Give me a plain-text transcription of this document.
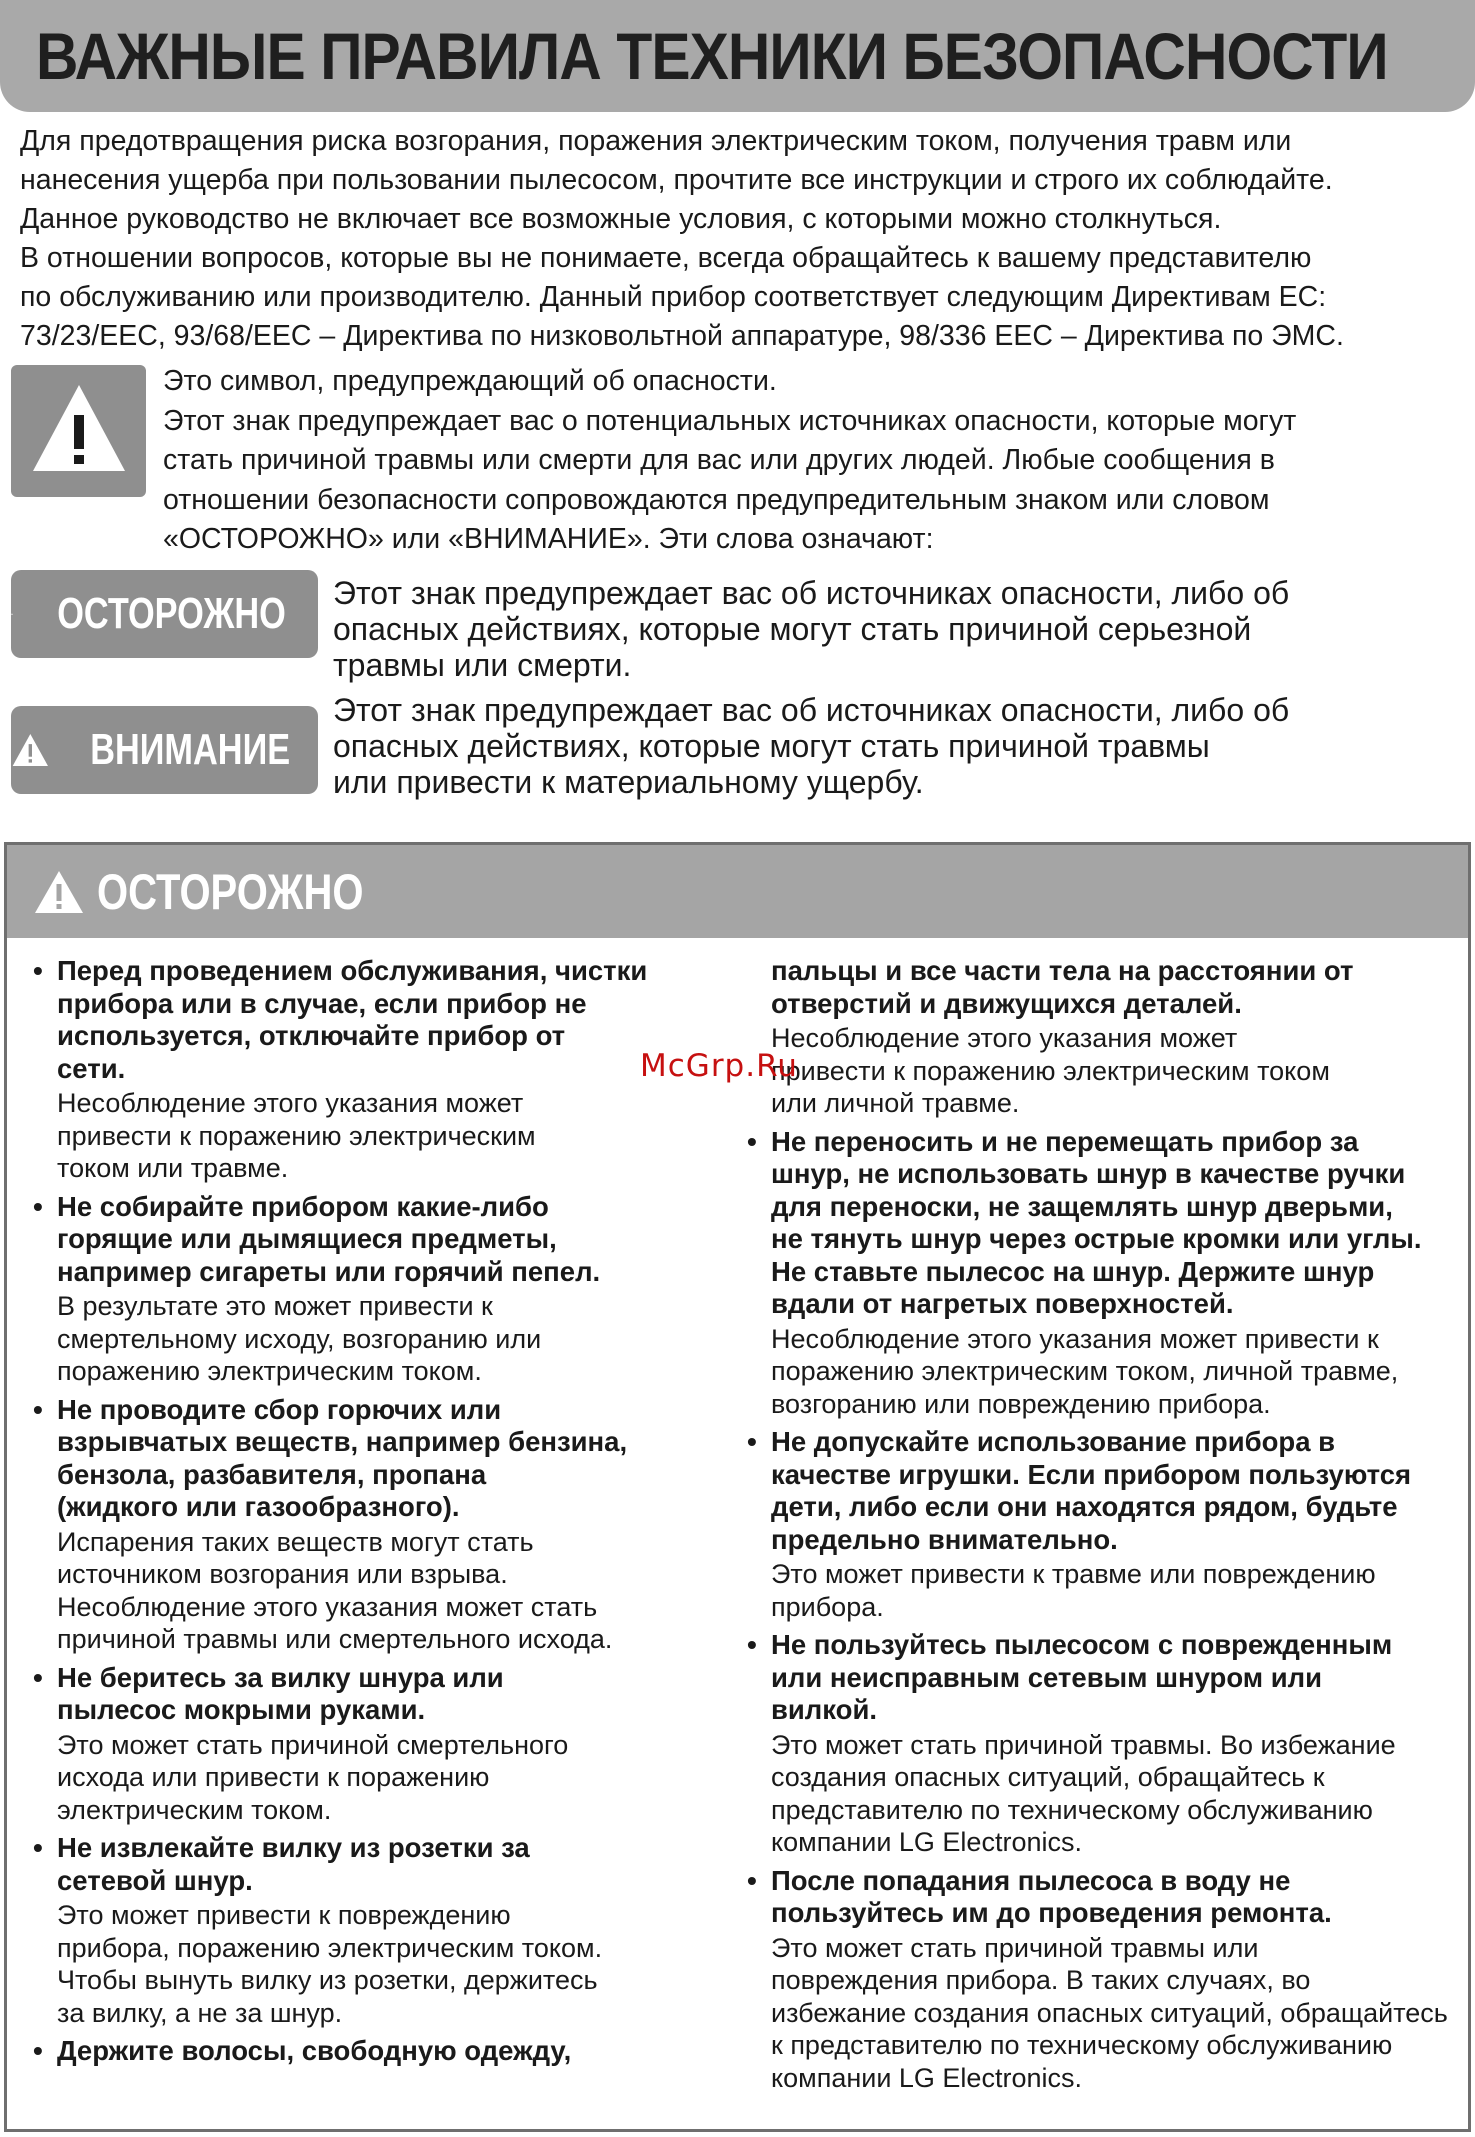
ВАЖНЫЕ ПРАВИЛА ТЕХНИКИ БЕЗОПАСНОСТИ

Для предотвращения риска возгорания, поражения электрическим током, получения травм или

нанесения ущерба при пользовании пылесосом, прочтите все инструкции и строго их соблюдайте.

Данное руководство не включает все возможные условия, с которыми можно столкнуться.

В отношении вопросов, которые вы не понимаете, всегда обращайтесь к вашему представителю

по обслуживанию или производителю. Данный прибор соответствует следующим Директивам ЕС:

73/23/EEC, 93/68/EEC – Директива по низковольтной аппаратуре, 98/336 EEC – Директива по ЭМС.

Это символ, предупреждающий об опасности.

Этот знак предупреждает вас о потенциальных источниках опасности, которые могут

стать причиной травмы или смерти для вас или других людей. Любые сообщения в

отношении безопасности сопровождаются предупредительным знаком или словом

«ОСТОРОЖНО» или «ВНИМАНИЕ». Эти слова означают:

ОСТОРОЖНО Этот знак предупреждает вас об источниках опасности, либо об

опасных действиях, которые могут стать причиной серьезной

травмы или смерти.

ВНИМАНИЕ

Этот знак предупреждает вас об источниках опасности, либо об

опасных действиях, которые могут стать причиной травмы

или привести к материальному ущербу.

ОСТОРОЖНО
• Перед проведением обслуживания, чистки
прибора или в случае, если прибор не
используется, отключайте прибор от
сети.
Несоблюдение этого указания может
привести к поражению электрическим
током или травме.
• Не собирайте прибором какие-либо
горящие или дымящиеся предметы,
например сигареты или горячий пепел.
В результате это может привести к
смертельному исходу, возгоранию или
поражению электрическим током.
• Не проводите сбор горючих или
взрывчатых веществ, например бензина,
бензола, разбавителя, пропана
(жидкого или газообразного).
Испарения таких веществ могут стать
источником возгорания или взрыва.
Несоблюдение этого указания может стать
причиной травмы или смертельного исхода.
• Не беритесь за вилку шнура или
пылесос мокрыми руками.
Это может стать причиной смертельного
исхода или привести к поражению
электрическим током.
• Не извлекайте вилку из розетки за
сетевой шнур.
Это может привести к повреждению
прибора, поражению электрическим током.
Чтобы вынуть вилку из розетки, держитесь
за вилку, а не за шнур.
• Держите волосы, свободную одежду,
пальцы и все части тела на расстоянии от
отверстий и движущихся деталей.
Несоблюдение этого указания может
привести к поражению электрическим током
или личной травме.
• Не переносить и не перемещать прибор за
шнур, не использовать шнур в качестве ручки
для переноски, не защемлять шнур дверьми,
не тянуть шнур через острые кромки или углы.
Не ставьте пылесос на шнур. Держите шнур
вдали от нагретых поверхностей.
Несоблюдение этого указания может привести к
поражению электрическим током, личной травме,
возгоранию или повреждению прибора.
• Не допускайте использование прибора в
качестве игрушки. Если прибором пользуются
дети, либо если они находятся рядом, будьте
предельно внимательно.
Это может привести к травме или повреждению
прибора.
• Не пользуйтесь пылесосом с поврежденным
или неисправным сетевым шнуром или
вилкой.
Это может стать причиной травмы. Во избежание
создания опасных ситуаций, обращайтесь к
представителю по техническому обслуживанию
компании LG Electronics.
• После попадания пылесоса в воду не
пользуйтесь им до проведения ремонта.
Это может стать причиной травмы или
повреждения прибора. В таких случаях, во
избежание создания опасных ситуаций, обращайтесь
к представителю по техническому обслуживанию
компании LG Electronics.
McGrp.Ru
